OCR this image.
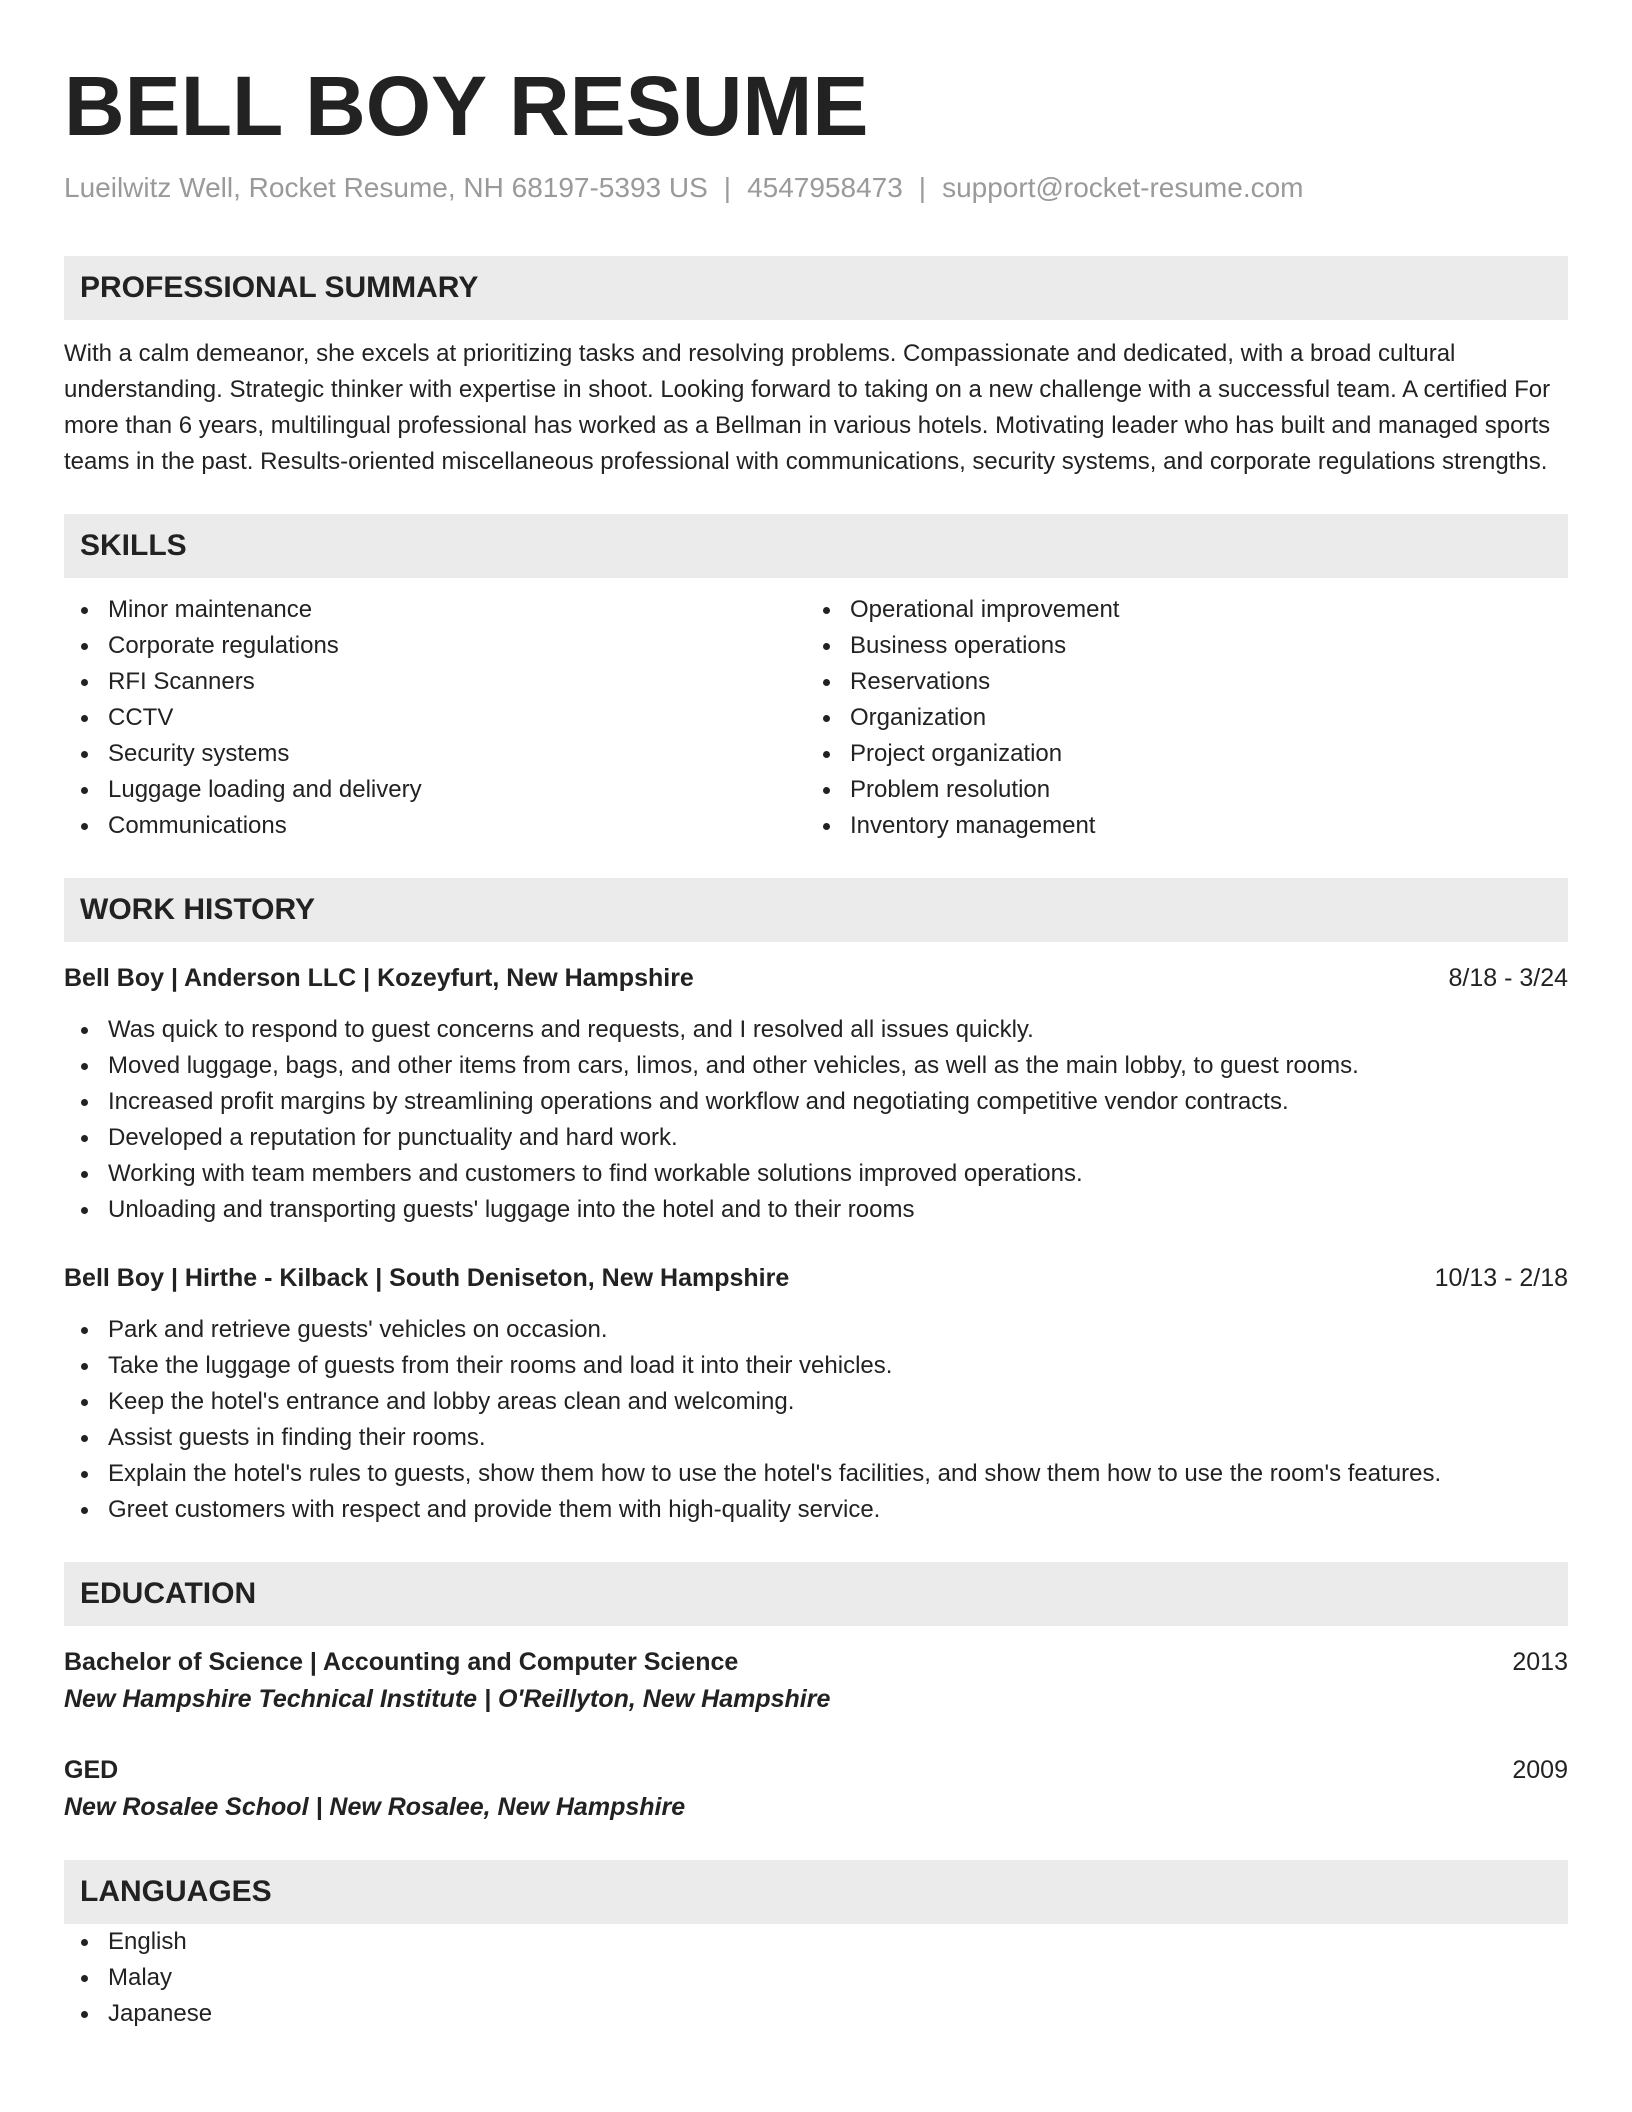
BELL BOY RESUME
Lueilwitz Well, Rocket Resume, NH 68197-5393 US | 4547958473 | support@rocket-resume.com
PROFESSIONAL SUMMARY
With a calm demeanor, she excels at prioritizing tasks and resolving problems. Compassionate and dedicated, with a broad cultural understanding. Strategic thinker with expertise in shoot. Looking forward to taking on a new challenge with a successful team. A certified For more than 6 years, multilingual professional has worked as a Bellman in various hotels. Motivating leader who has built and managed sports teams in the past. Results-oriented miscellaneous professional with communications, security systems, and corporate regulations strengths.
SKILLS
Minor maintenance
Corporate regulations
RFI Scanners
CCTV
Security systems
Luggage loading and delivery
Communications
Operational improvement
Business operations
Reservations
Organization
Project organization
Problem resolution
Inventory management
WORK HISTORY
Bell Boy | Anderson LLC | Kozeyfurt, New Hampshire	8/18 - 3/24
Was quick to respond to guest concerns and requests, and I resolved all issues quickly.
Moved luggage, bags, and other items from cars, limos, and other vehicles, as well as the main lobby, to guest rooms.
Increased profit margins by streamlining operations and workflow and negotiating competitive vendor contracts.
Developed a reputation for punctuality and hard work.
Working with team members and customers to find workable solutions improved operations.
Unloading and transporting guests' luggage into the hotel and to their rooms
Bell Boy | Hirthe - Kilback | South Deniseton, New Hampshire	10/13 - 2/18
Park and retrieve guests' vehicles on occasion.
Take the luggage of guests from their rooms and load it into their vehicles.
Keep the hotel's entrance and lobby areas clean and welcoming.
Assist guests in finding their rooms.
Explain the hotel's rules to guests, show them how to use the hotel's facilities, and show them how to use the room's features.
Greet customers with respect and provide them with high-quality service.
EDUCATION
Bachelor of Science | Accounting and Computer Science	2013
New Hampshire Technical Institute | O'Reillyton, New Hampshire
GED	2009
New Rosalee School | New Rosalee, New Hampshire
LANGUAGES
English
Malay
Japanese
